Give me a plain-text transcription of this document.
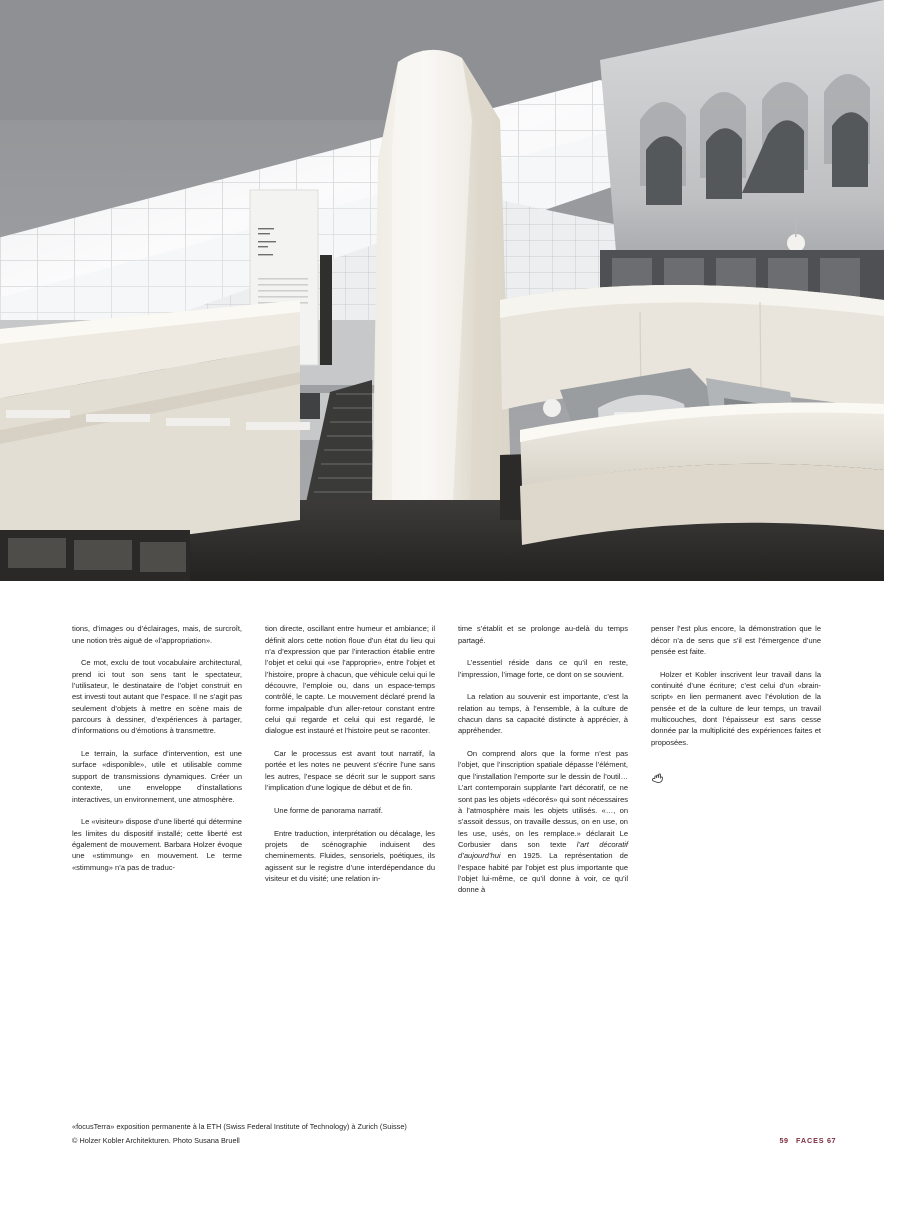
tions, d’images ou d’éclairages, mais, de surcroît, une notion très aiguë de «l’appropriation».

Ce mot, exclu de tout vocabulaire architectural, prend ici tout son sens tant le spectateur, l’utilisateur, le destinataire de l’objet construit en est investi tout autant que l’espace. Il ne s’agit pas seulement d’objets à mettre en scène mais de parcours à dessiner, d’expériences à partager, d’informations ou d’émotions à transmettre.

Le terrain, la surface d’intervention, est une surface «disponible», utile et utilisable comme support de transmissions dynamiques. Créer un contexte, une enveloppe d’installations interactives, un environnement, une atmosphère.

Le «visiteur» dispose d’une liberté qui détermine les limites du dispositif installé; cette liberté est également de mouvement. Barbara Holzer évoque une «stimmung» en mouvement. Le terme «stimmung» n’a pas de traduc-

tion directe, oscillant entre humeur et ambiance; il définit alors cette notion floue d’un état du lieu qui n’a d’expression que par l’interaction établie entre l’objet et celui qui «se l’approprie», entre l’objet et l’histoire, propre à chacun, que véhicule celui qui le découvre, l’emploie ou, dans un espace-temps contrôlé, le capte. Le mouvement déclaré prend la forme impalpable d’un aller-retour constant entre celui qui regarde et celui qui est regardé, le dialogue est instauré et l’histoire peut se raconter.

Car le processus est avant tout narratif, la portée et les notes ne peuvent s’écrire l’une sans les autres, l’espace se décrit sur le support sans l’implication d’une logique de début et de fin.

Une forme de panorama narratif.

Entre traduction, interprétation ou décalage, les projets de scénographie induisent des cheminements. Fluides, sensoriels, poétiques, ils agissent sur le registre d’une interdépendance du visiteur et du visité; une relation in-

time s’établit et se prolonge au-delà du temps partagé.

L’essentiel réside dans ce qu’il en reste, l’impression, l’image forte, ce dont on se souvient.

La relation au souvenir est importante, c’est la relation au temps, à l’ensemble, à la culture de chacun dans sa capacité distincte à apprécier, à appréhender.

On comprend alors que la forme n’est pas l’objet, que l’inscription spatiale dépasse l’élément, que l’installation l’emporte sur le dessin de l’outil… L’art contemporain supplante l’art décoratif, ce ne sont pas les objets «décorés» qui sont nécessaires à l’atmosphère mais les objets utilisés. «…, on s’assoit dessus, on travaille dessus, on en use, on les use, usés, on les remplace.» déclarait Le Corbusier dans son texte l’art décoratif d’aujourd’hui en 1925. La représentation de l’espace habité par l’objet est plus importante que l’objet lui-même, ce qu’il donne à voir, ce qu’il donne à

penser l’est plus encore, la démonstration que le décor n’a de sens que s’il est l’émergence d’une pensée est faite.

Holzer et Kobler inscrivent leur travail dans la continuité d’une écriture; c’est celui d’un «brain-script» en lien permanent avec l’évolution de la pensée et de la culture de leur temps, un travail multicouches, dont l’épaisseur est sans cesse donnée par la multiplicité des expériences faites et proposées.

«focusTerra» exposition permanente à la ETH (Swiss Federal Institute of Technology) à Zurich (Suisse)
© Holzer Kobler Architekturen. Photo Susana Bruell	59 FACES 67
